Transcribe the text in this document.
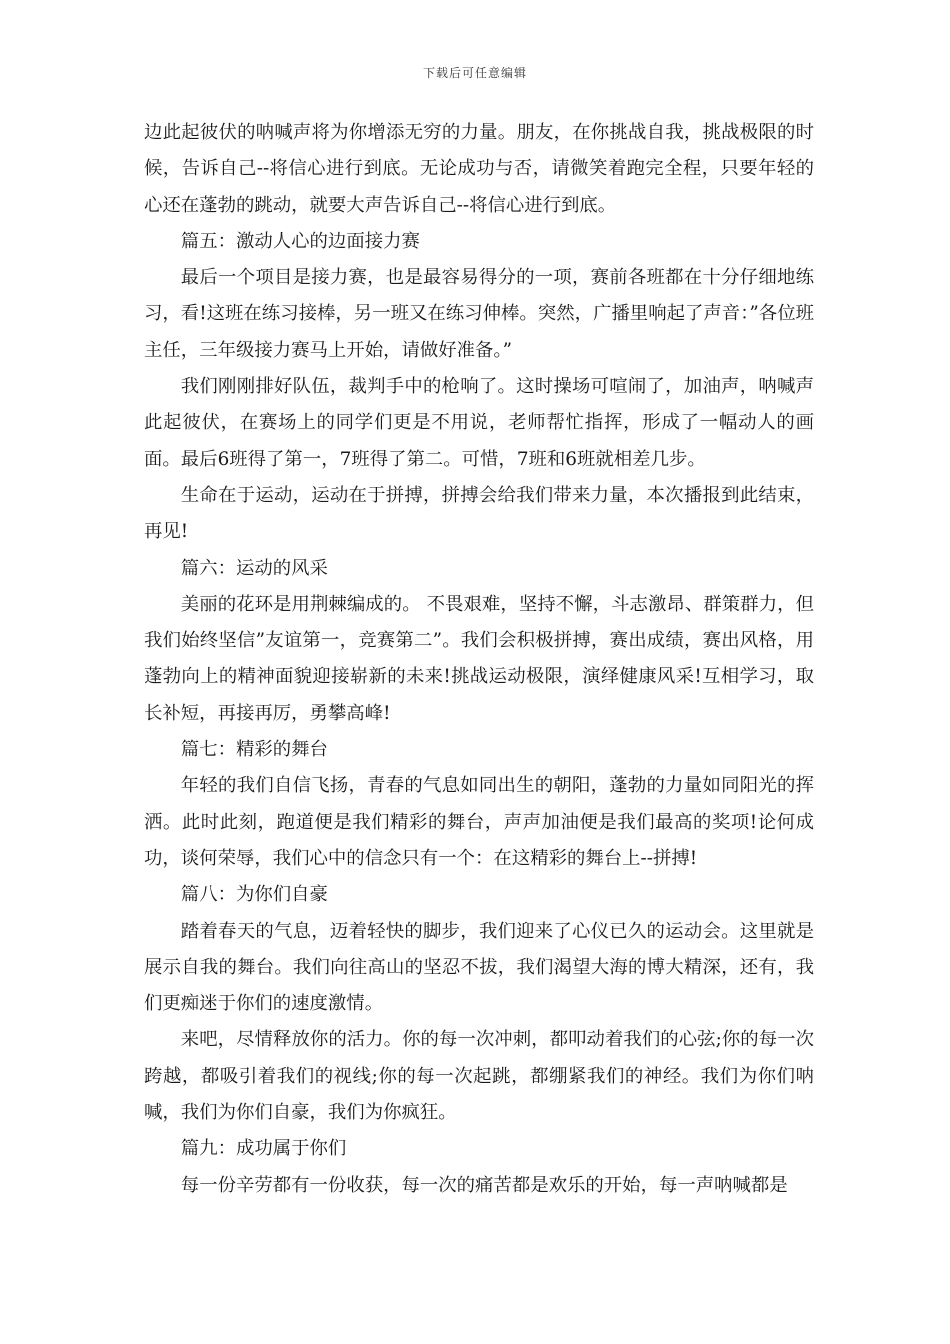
下载后可任意编辑

边此起彼伏的呐喊声将为你增添无穷的力量。朋友，在你挑战自我，挑战极限的时候，告诉自己--将信心进行到底。无论成功与否，请微笑着跑完全程，只要年轻的心还在蓬勃的跳动，就要大声告诉自己--将信心进行到底。

篇五：激动人心的边面接力赛

最后一个项目是接力赛，也是最容易得分的一项，赛前各班都在十分仔细地练习，看!这班在练习接棒，另一班又在练习伸棒。突然，广播里响起了声音：”各位班主任，三年级接力赛马上开始，请做好准备。”

我们刚刚排好队伍，裁判手中的枪响了。这时操场可喧闹了，加油声，呐喊声此起彼伏，在赛场上的同学们更是不用说，老师帮忙指挥，形成了一幅动人的画面。最后6班得了第一，7班得了第二。可惜，7班和6班就相差几步。

生命在于运动，运动在于拼搏，拼搏会给我们带来力量，本次播报到此结束，再见!

篇六：运动的风采

美丽的花环是用荆棘编成的。 不畏艰难，坚持不懈，斗志激昂、群策群力，但我们始终坚信”友谊第一，竞赛第二”。我们会积极拼搏，赛出成绩，赛出风格，用蓬勃向上的精神面貌迎接崭新的未来!挑战运动极限，演绎健康风采!互相学习，取长补短，再接再厉，勇攀高峰!

篇七：精彩的舞台

年轻的我们自信飞扬，青春的气息如同出生的朝阳，蓬勃的力量如同阳光的挥洒。此时此刻，跑道便是我们精彩的舞台，声声加油便是我们最高的奖项!论何成功，谈何荣辱，我们心中的信念只有一个：在这精彩的舞台上--拼搏!

篇八：为你们自豪

踏着春天的气息，迈着轻快的脚步，我们迎来了心仪已久的运动会。这里就是展示自我的舞台。我们向往高山的坚忍不拔，我们渴望大海的博大精深，还有，我们更痴迷于你们的速度激情。

来吧，尽情释放你的活力。你的每一次冲刺，都叩动着我们的心弦;你的每一次跨越，都吸引着我们的视线;你的每一次起跳，都绷紧我们的神经。我们为你们呐喊，我们为你们自豪，我们为你疯狂。

篇九：成功属于你们

每一份辛劳都有一份收获，每一次的痛苦都是欢乐的开始，每一声呐喊都是
